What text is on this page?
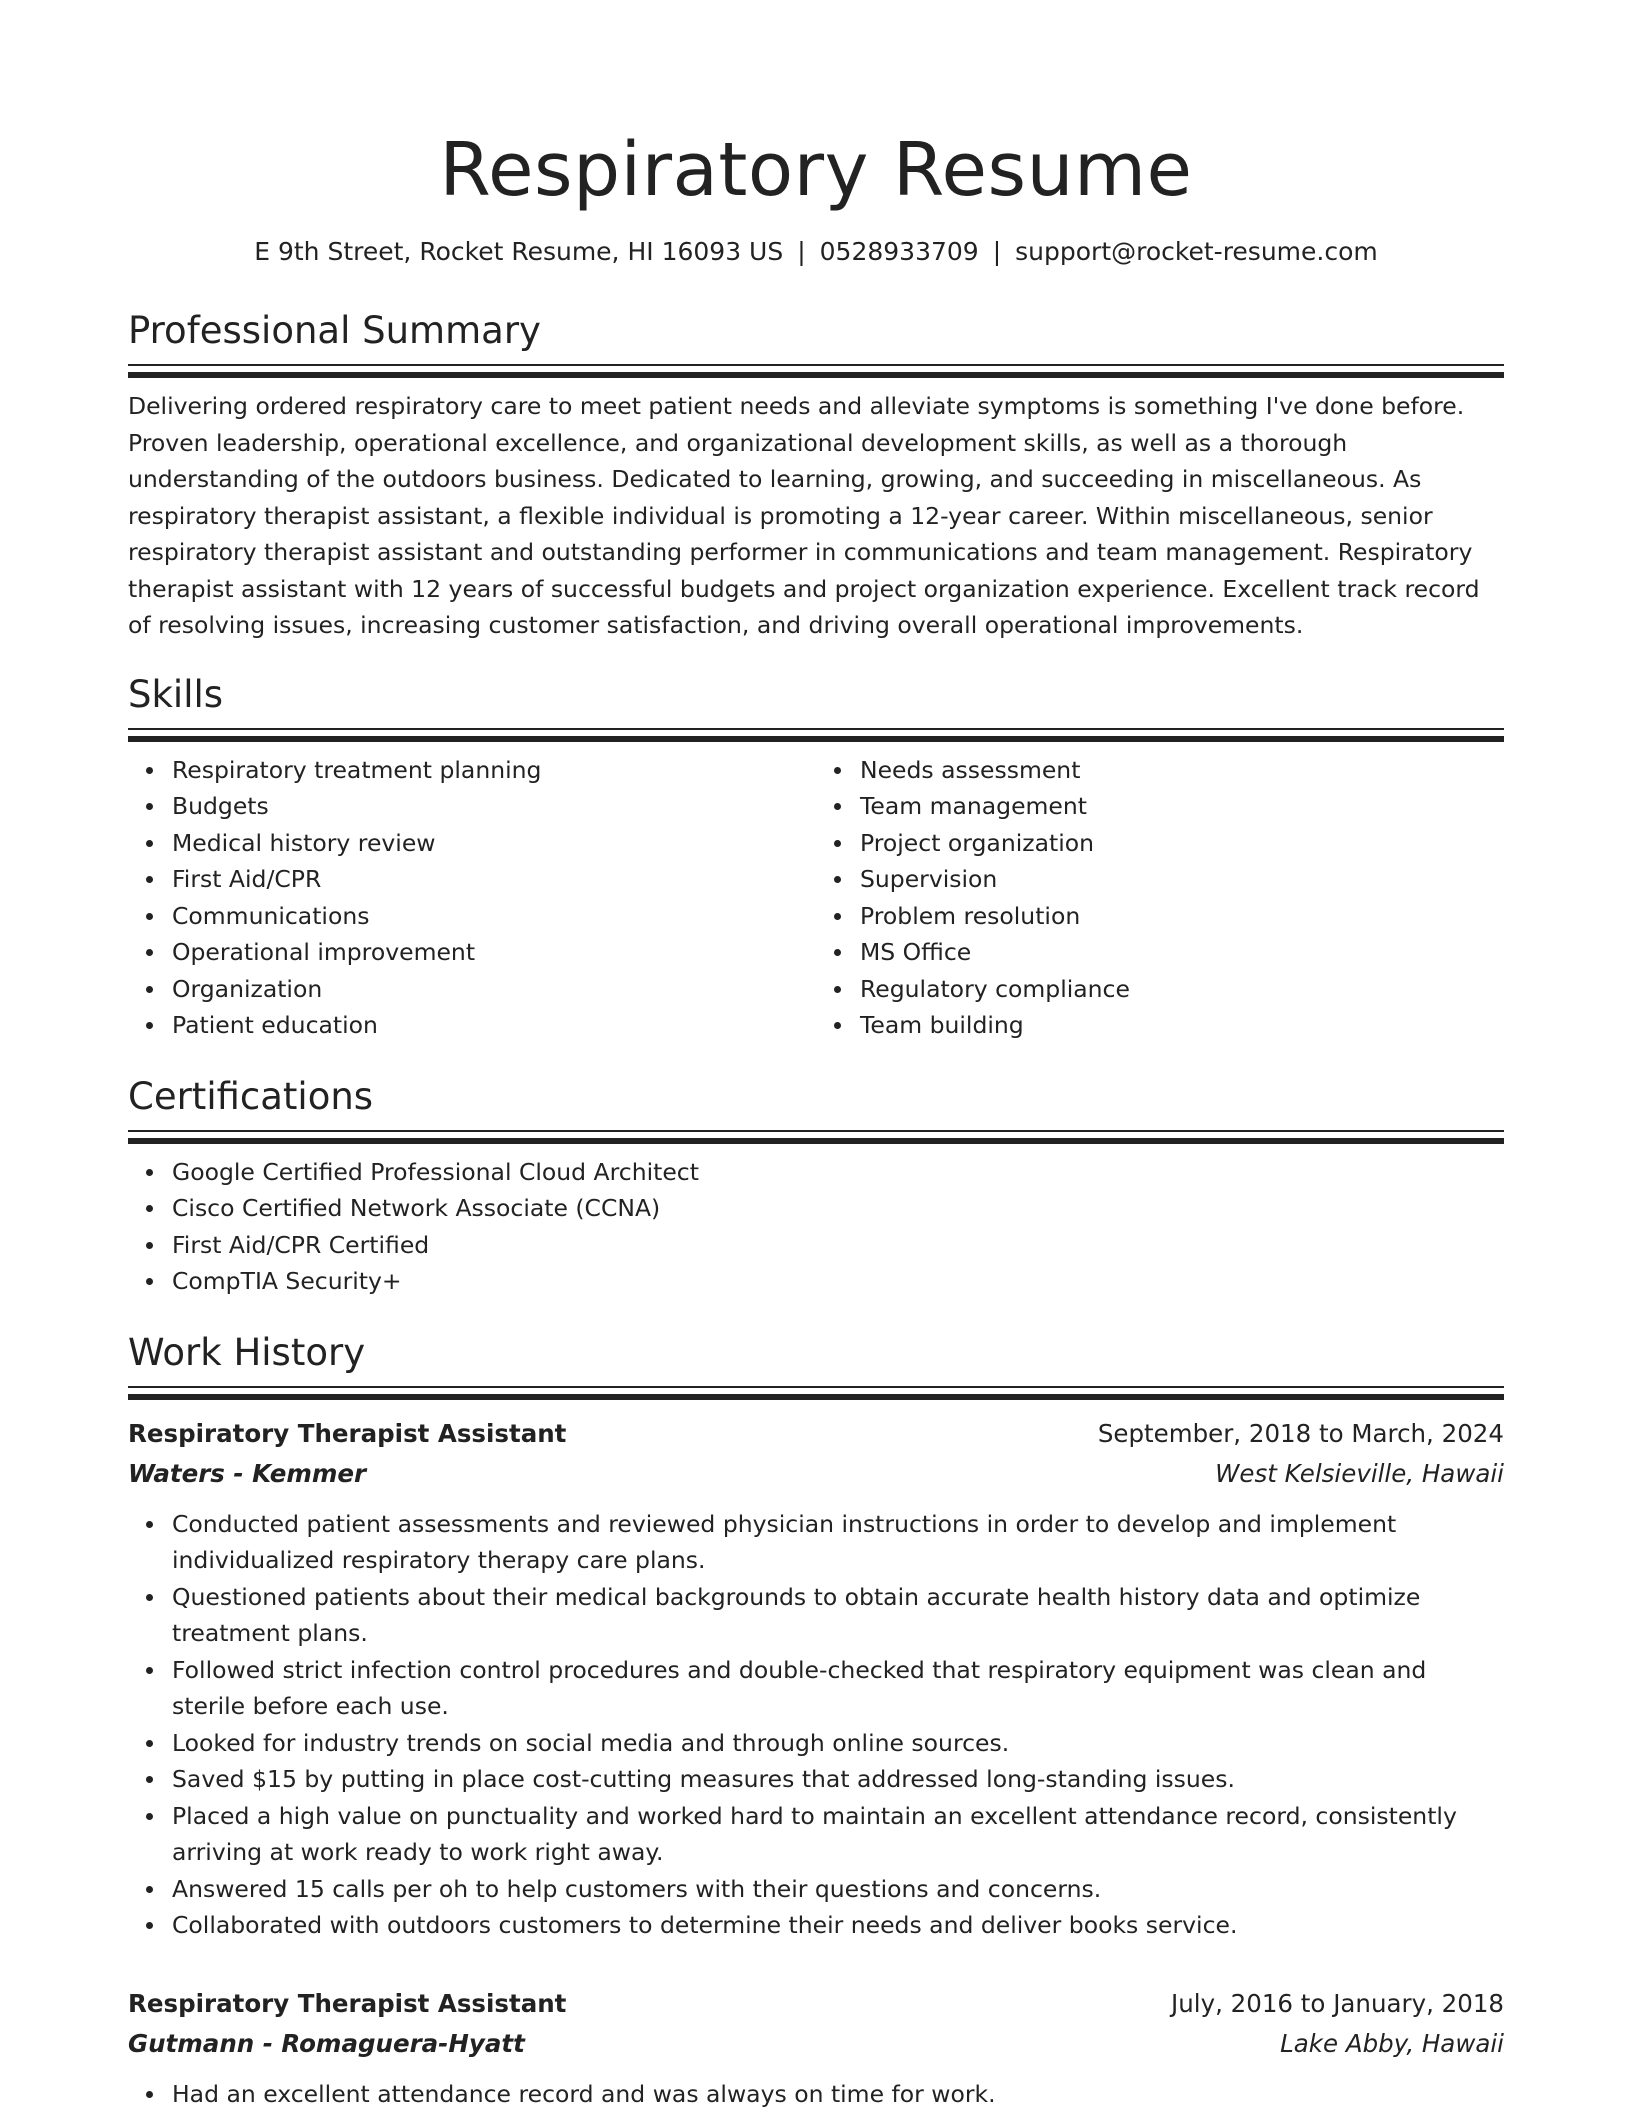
Respiratory Resume
E 9th Street, Rocket Resume, HI 16093 US | 0528933709 | support@rocket-resume.com
Professional Summary

Delivering ordered respiratory care to meet patient needs and alleviate symptoms is something I've done before. Proven leadership, operational excellence, and organizational development skills, as well as a thorough understanding of the outdoors business. Dedicated to learning, growing, and succeeding in miscellaneous. As respiratory therapist assistant, a flexible individual is promoting a 12-year career. Within miscellaneous, senior respiratory therapist assistant and outstanding performer in communications and team management. Respiratory therapist assistant with 12 years of successful budgets and project organization experience. Excellent track record of resolving issues, increasing customer satisfaction, and driving overall operational improvements.

Skills
Respiratory treatment planning
Budgets
Medical history review
First Aid/CPR
Communications
Operational improvement
Organization
Patient education
Needs assessment
Team management
Project organization
Supervision
Problem resolution
MS Office
Regulatory compliance
Team building
Certifications
Google Certified Professional Cloud Architect
Cisco Certified Network Associate (CCNA)
First Aid/CPR Certified
CompTIA Security+
Work History
Respiratory Therapist Assistant	September, 2018 to March, 2024
Waters - Kemmer	West Kelsieville, Hawaii
Conducted patient assessments and reviewed physician instructions in order to develop and implement individualized respiratory therapy care plans.
Questioned patients about their medical backgrounds to obtain accurate health history data and optimize treatment plans.
Followed strict infection control procedures and double-checked that respiratory equipment was clean and sterile before each use.
Looked for industry trends on social media and through online sources.
Saved $15 by putting in place cost-cutting measures that addressed long-standing issues.
Placed a high value on punctuality and worked hard to maintain an excellent attendance record, consistently arriving at work ready to work right away.
Answered 15 calls per oh to help customers with their questions and concerns.
Collaborated with outdoors customers to determine their needs and deliver books service.
Respiratory Therapist Assistant	July, 2016 to January, 2018
Gutmann - Romaguera-Hyatt	Lake Abby, Hawaii
Had an excellent attendance record and was always on time for work.
